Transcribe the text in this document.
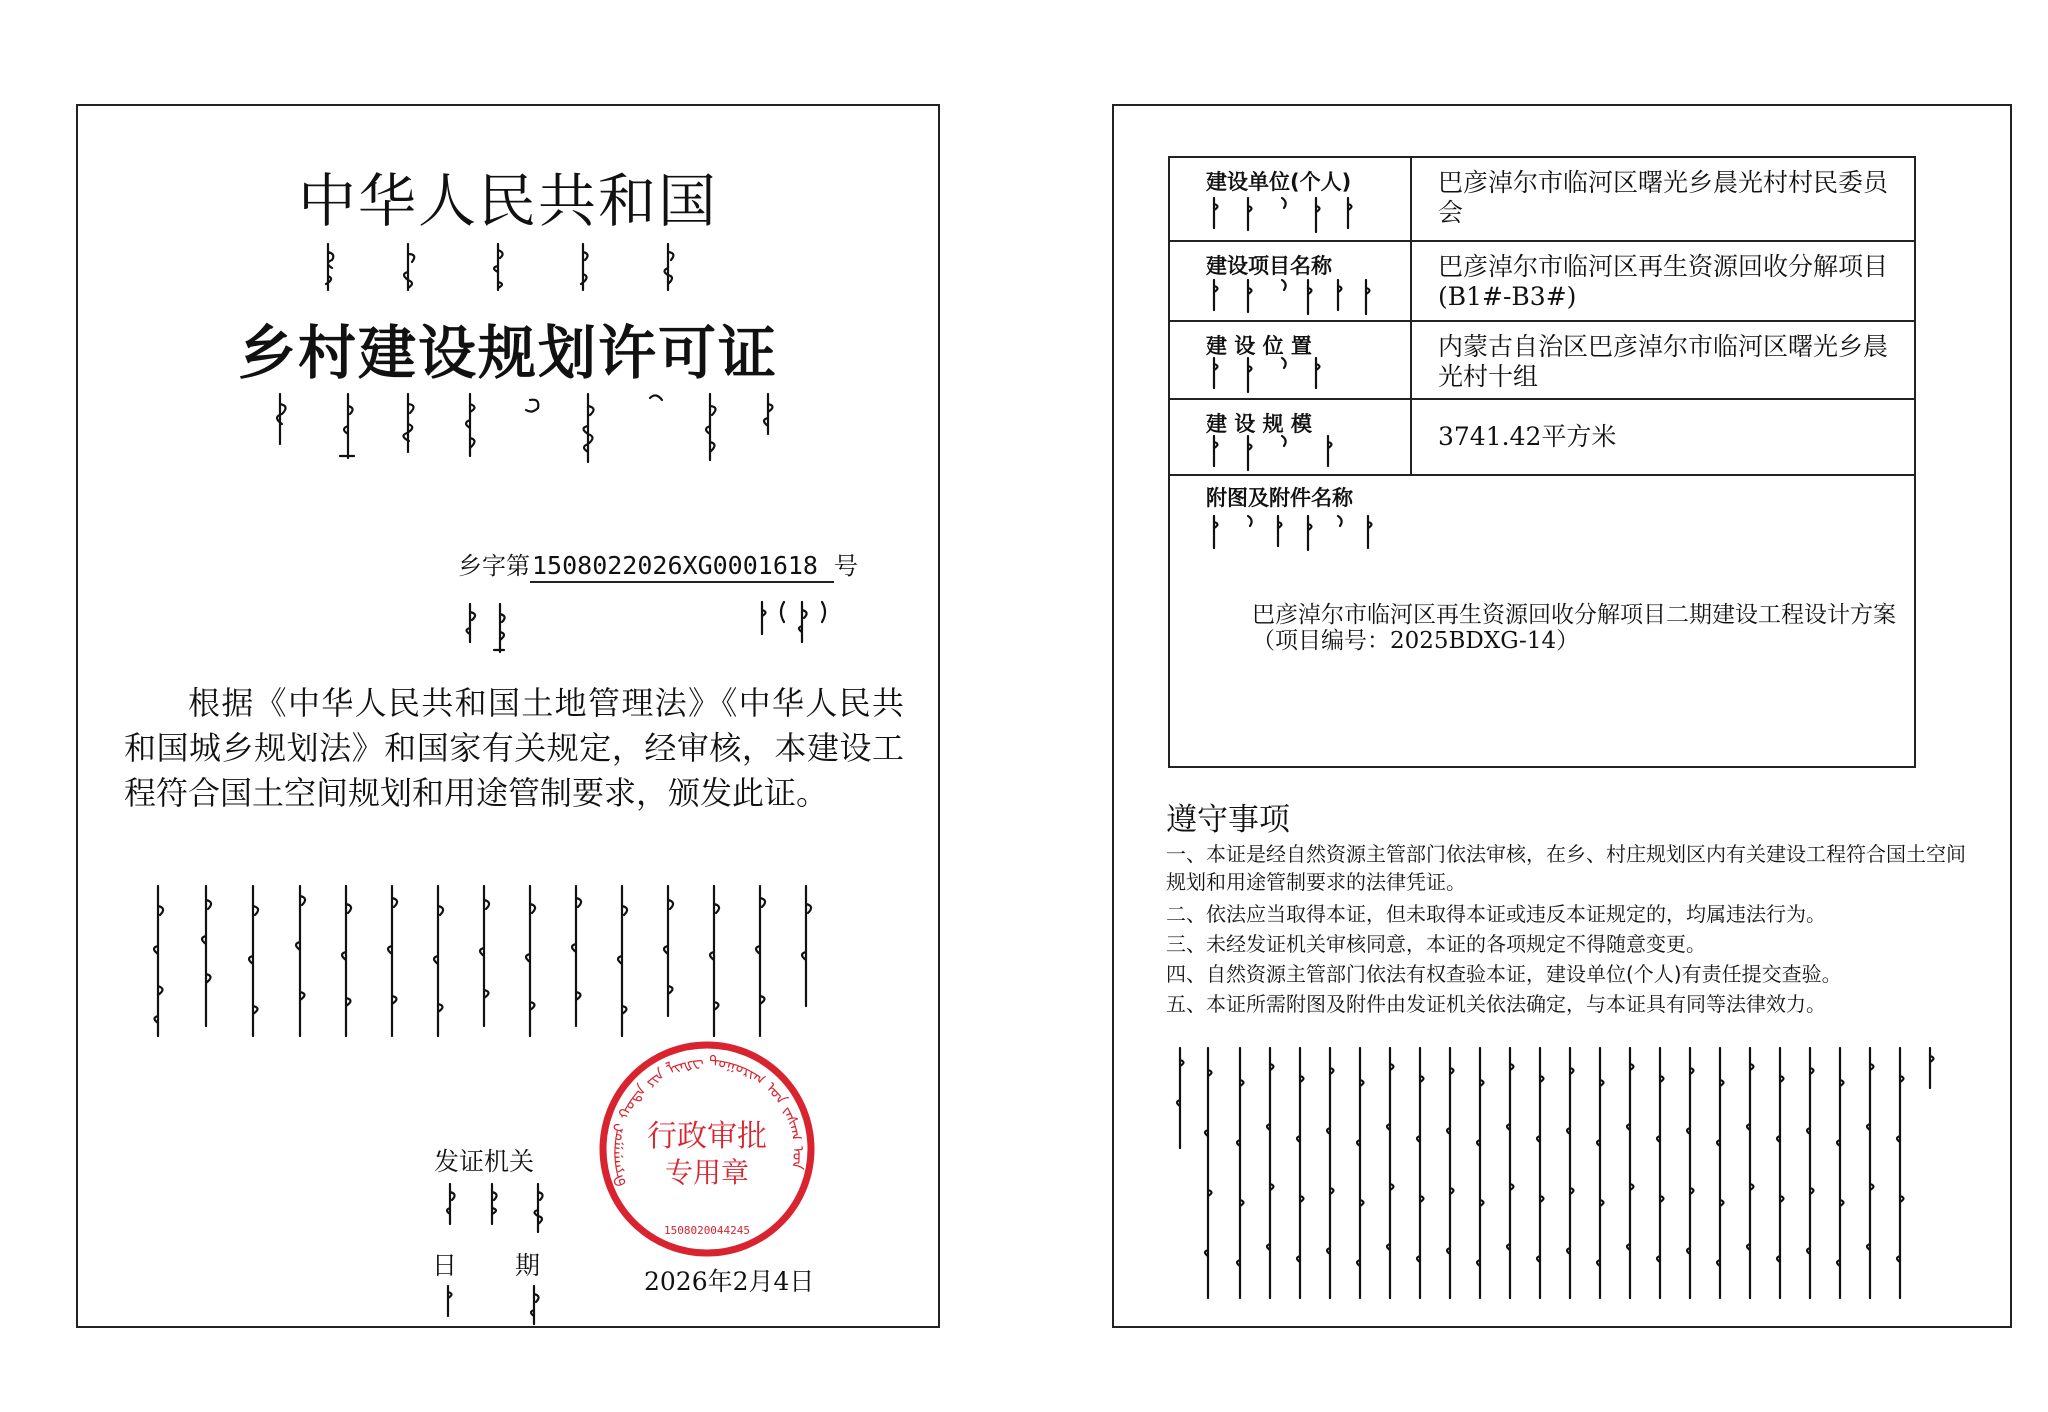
中华人民共和国
乡村建设规划许可证
乡字第1508022026XG0001618 号
根据《中华人民共和国土地管理法》《中华人民共和国城乡规划法》和国家有关规定，经审核，本建设工程符合国土空间规划和用途管制要求，颁发此证。
ᠪᠠᠶᠠᠨᠨᠠᠭᠤᠷ ᠬᠣᠲᠠ ᠶᠢᠨ ᠯᠢᠨᠾᠧ ᠲᠣᠭᠣᠷᠢᠭ ᠤᠨ ᠵᠠᠰᠠᠭ ᠤᠨ
行政审批
专用章
1508020044245
发证机关
日期
2026年2月4日
建设单位(个人)	巴彦淖尔市临河区曙光乡晨光村村民委员会
建设项目名称	巴彦淖尔市临河区再生资源回收分解项目(B1#-B3#)
建 设 位 置	内蒙古自治区巴彦淖尔市临河区曙光乡晨光村十组
建 设 规 模	3741.42平方米
附图及附件名称
巴彦淖尔市临河区再生资源回收分解项目二期建设工程设计方案
（项目编号：2025BDXG-14）
遵守事项
一、本证是经自然资源主管部门依法审核，在乡、村庄规划区内有关建设工程符合国土空间规划和用途管制要求的法律凭证。
二、依法应当取得本证，但未取得本证或违反本证规定的，均属违法行为。
三、未经发证机关审核同意，本证的各项规定不得随意变更。
四、自然资源主管部门依法有权查验本证，建设单位(个人)有责任提交查验。
五、本证所需附图及附件由发证机关依法确定，与本证具有同等法律效力。
